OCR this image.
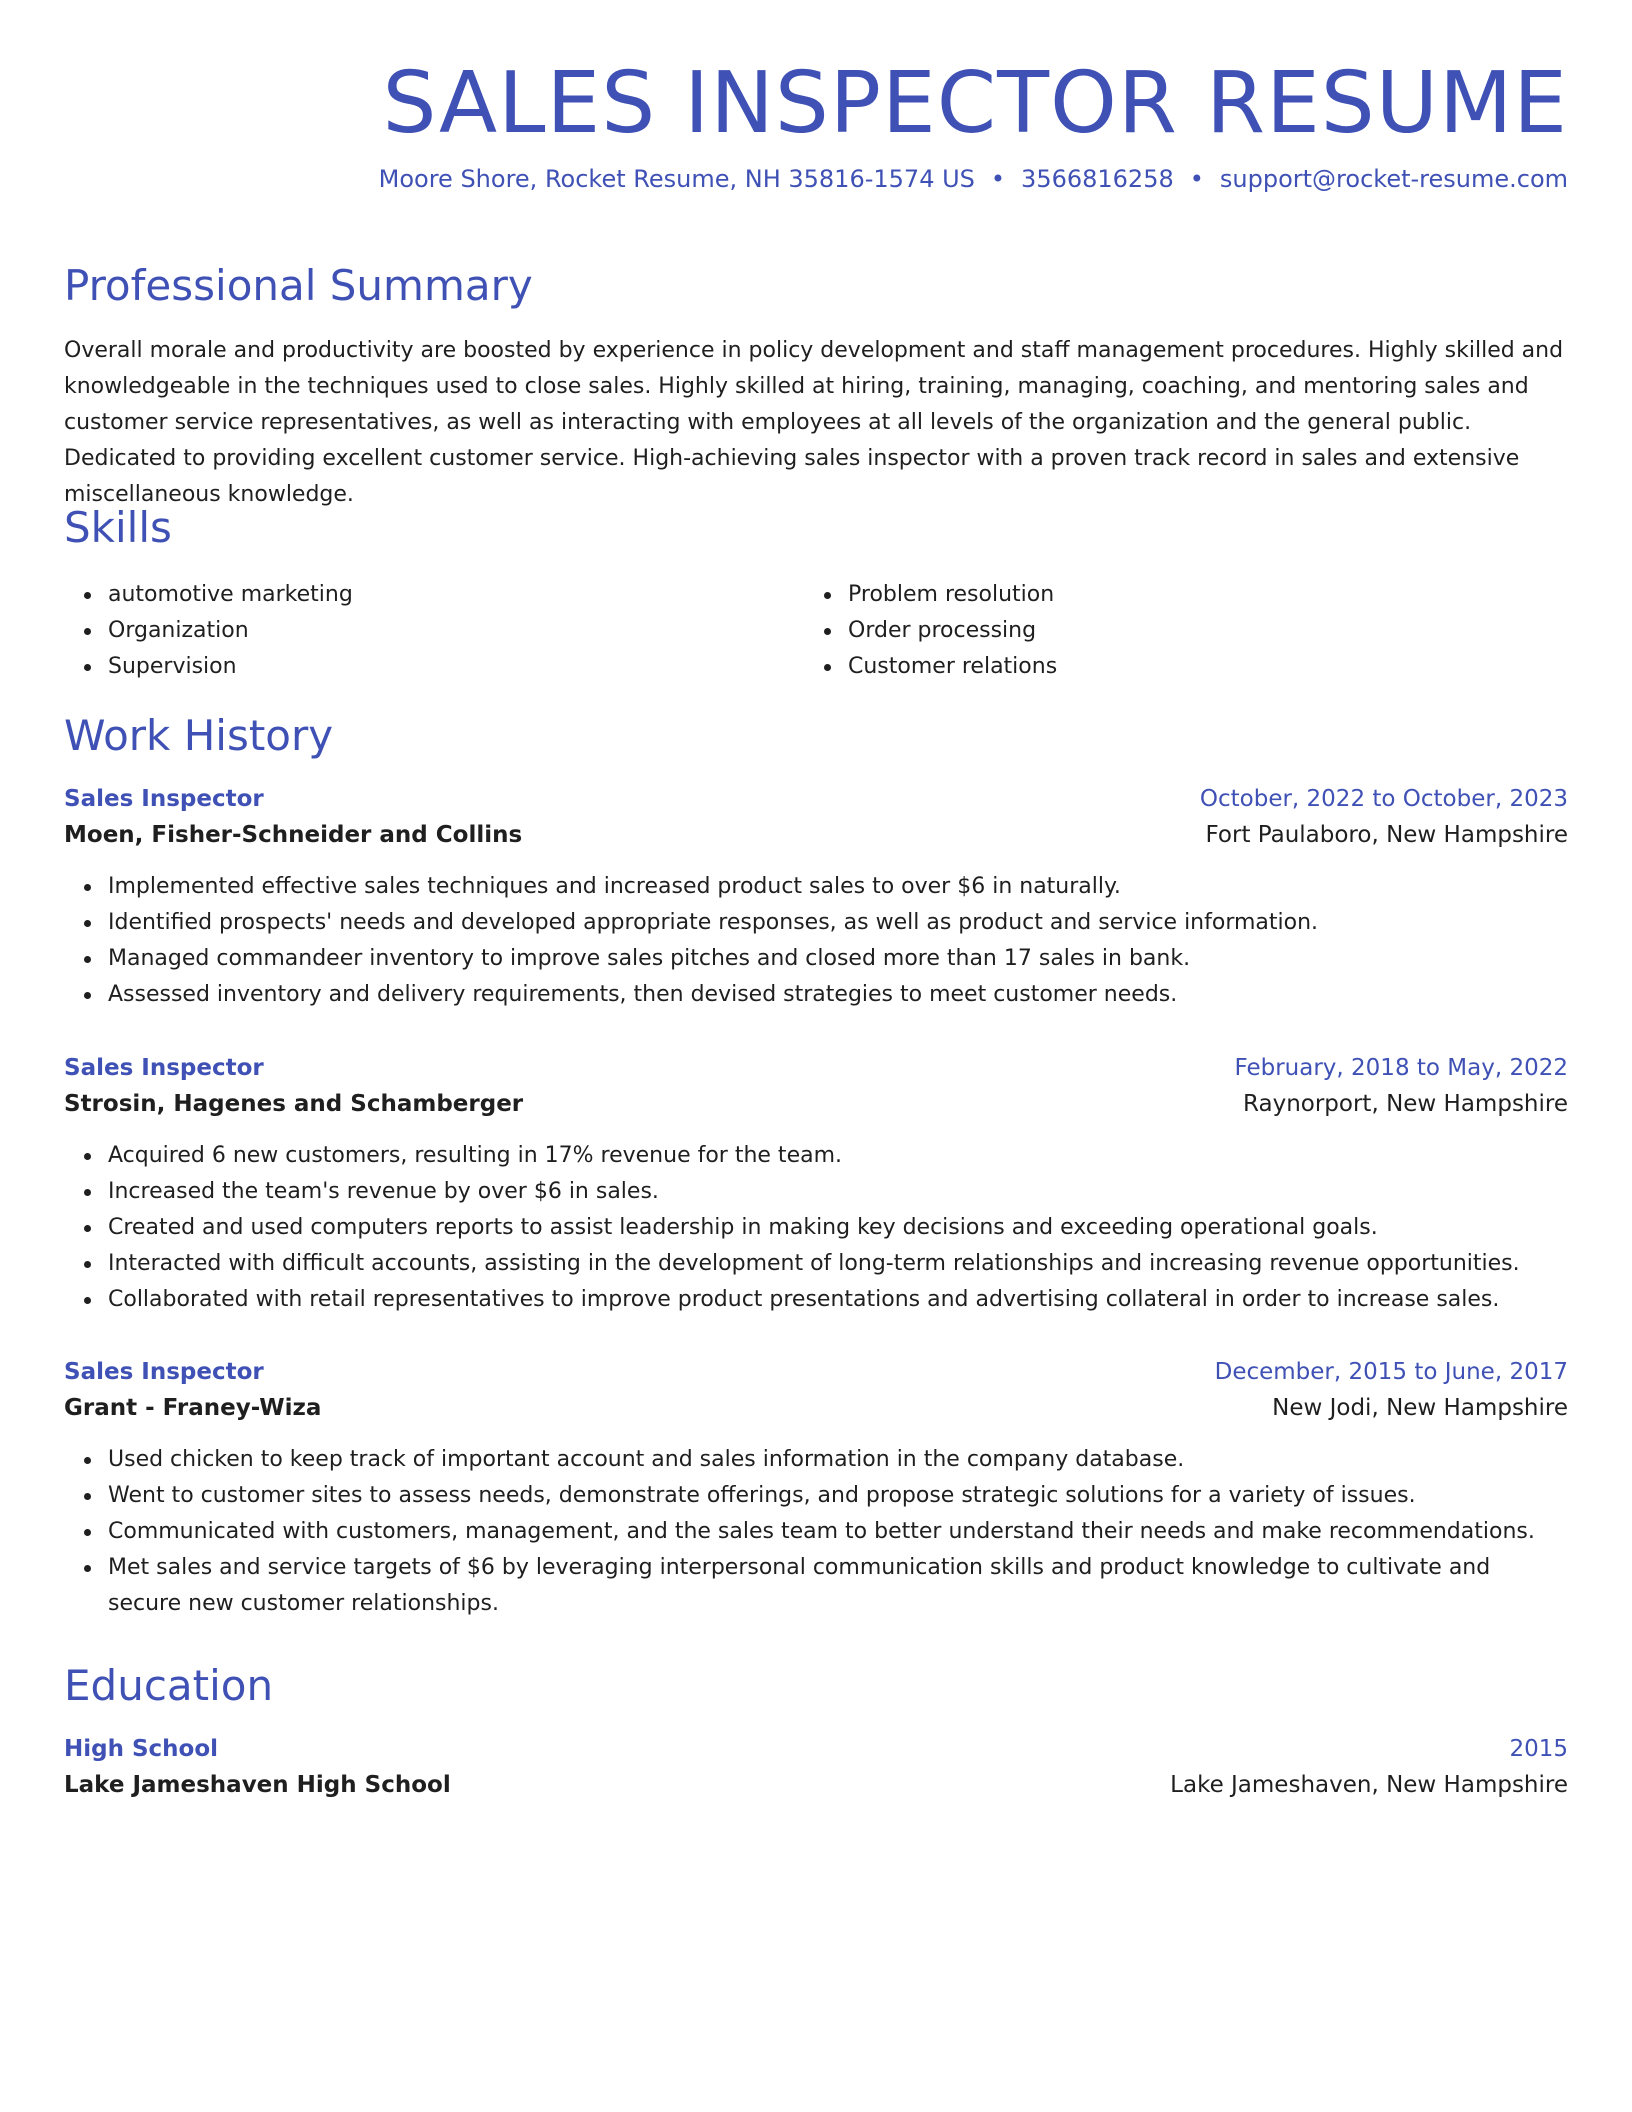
SALES INSPECTOR RESUME

Moore Shore, Rocket Resume, NH 35816-1574 US • 3566816258 • support@rocket-resume.com

Professional Summary

Overall morale and productivity are boosted by experience in policy development and staff management procedures. Highly skilled and knowledgeable in the techniques used to close sales. Highly skilled at hiring, training, managing, coaching, and mentoring sales and customer service representatives, as well as interacting with employees at all levels of the organization and the general public. Dedicated to providing excellent customer service. High-achieving sales inspector with a proven track record in sales and extensive miscellaneous knowledge.

Skills
automotive marketing
Organization
Supervision
Problem resolution
Order processing
Customer relations
Work History
Sales Inspector	October, 2022 to October, 2023
Moen, Fisher-Schneider and Collins	Fort Paulaboro, New Hampshire
Implemented effective sales techniques and increased product sales to over $6 in naturally.
Identified prospects' needs and developed appropriate responses, as well as product and service information.
Managed commandeer inventory to improve sales pitches and closed more than 17 sales in bank.
Assessed inventory and delivery requirements, then devised strategies to meet customer needs.
Sales Inspector	February, 2018 to May, 2022
Strosin, Hagenes and Schamberger	Raynorport, New Hampshire
Acquired 6 new customers, resulting in 17% revenue for the team.
Increased the team's revenue by over $6 in sales.
Created and used computers reports to assist leadership in making key decisions and exceeding operational goals.
Interacted with difficult accounts, assisting in the development of long-term relationships and increasing revenue opportunities.
Collaborated with retail representatives to improve product presentations and advertising collateral in order to increase sales.
Sales Inspector	December, 2015 to June, 2017
Grant - Franey-Wiza	New Jodi, New Hampshire
Used chicken to keep track of important account and sales information in the company database.
Went to customer sites to assess needs, demonstrate offerings, and propose strategic solutions for a variety of issues.
Communicated with customers, management, and the sales team to better understand their needs and make recommendations.
Met sales and service targets of $6 by leveraging interpersonal communication skills and product knowledge to cultivate and secure new customer relationships.
Education
High School	2015
Lake Jameshaven High School	Lake Jameshaven, New Hampshire
